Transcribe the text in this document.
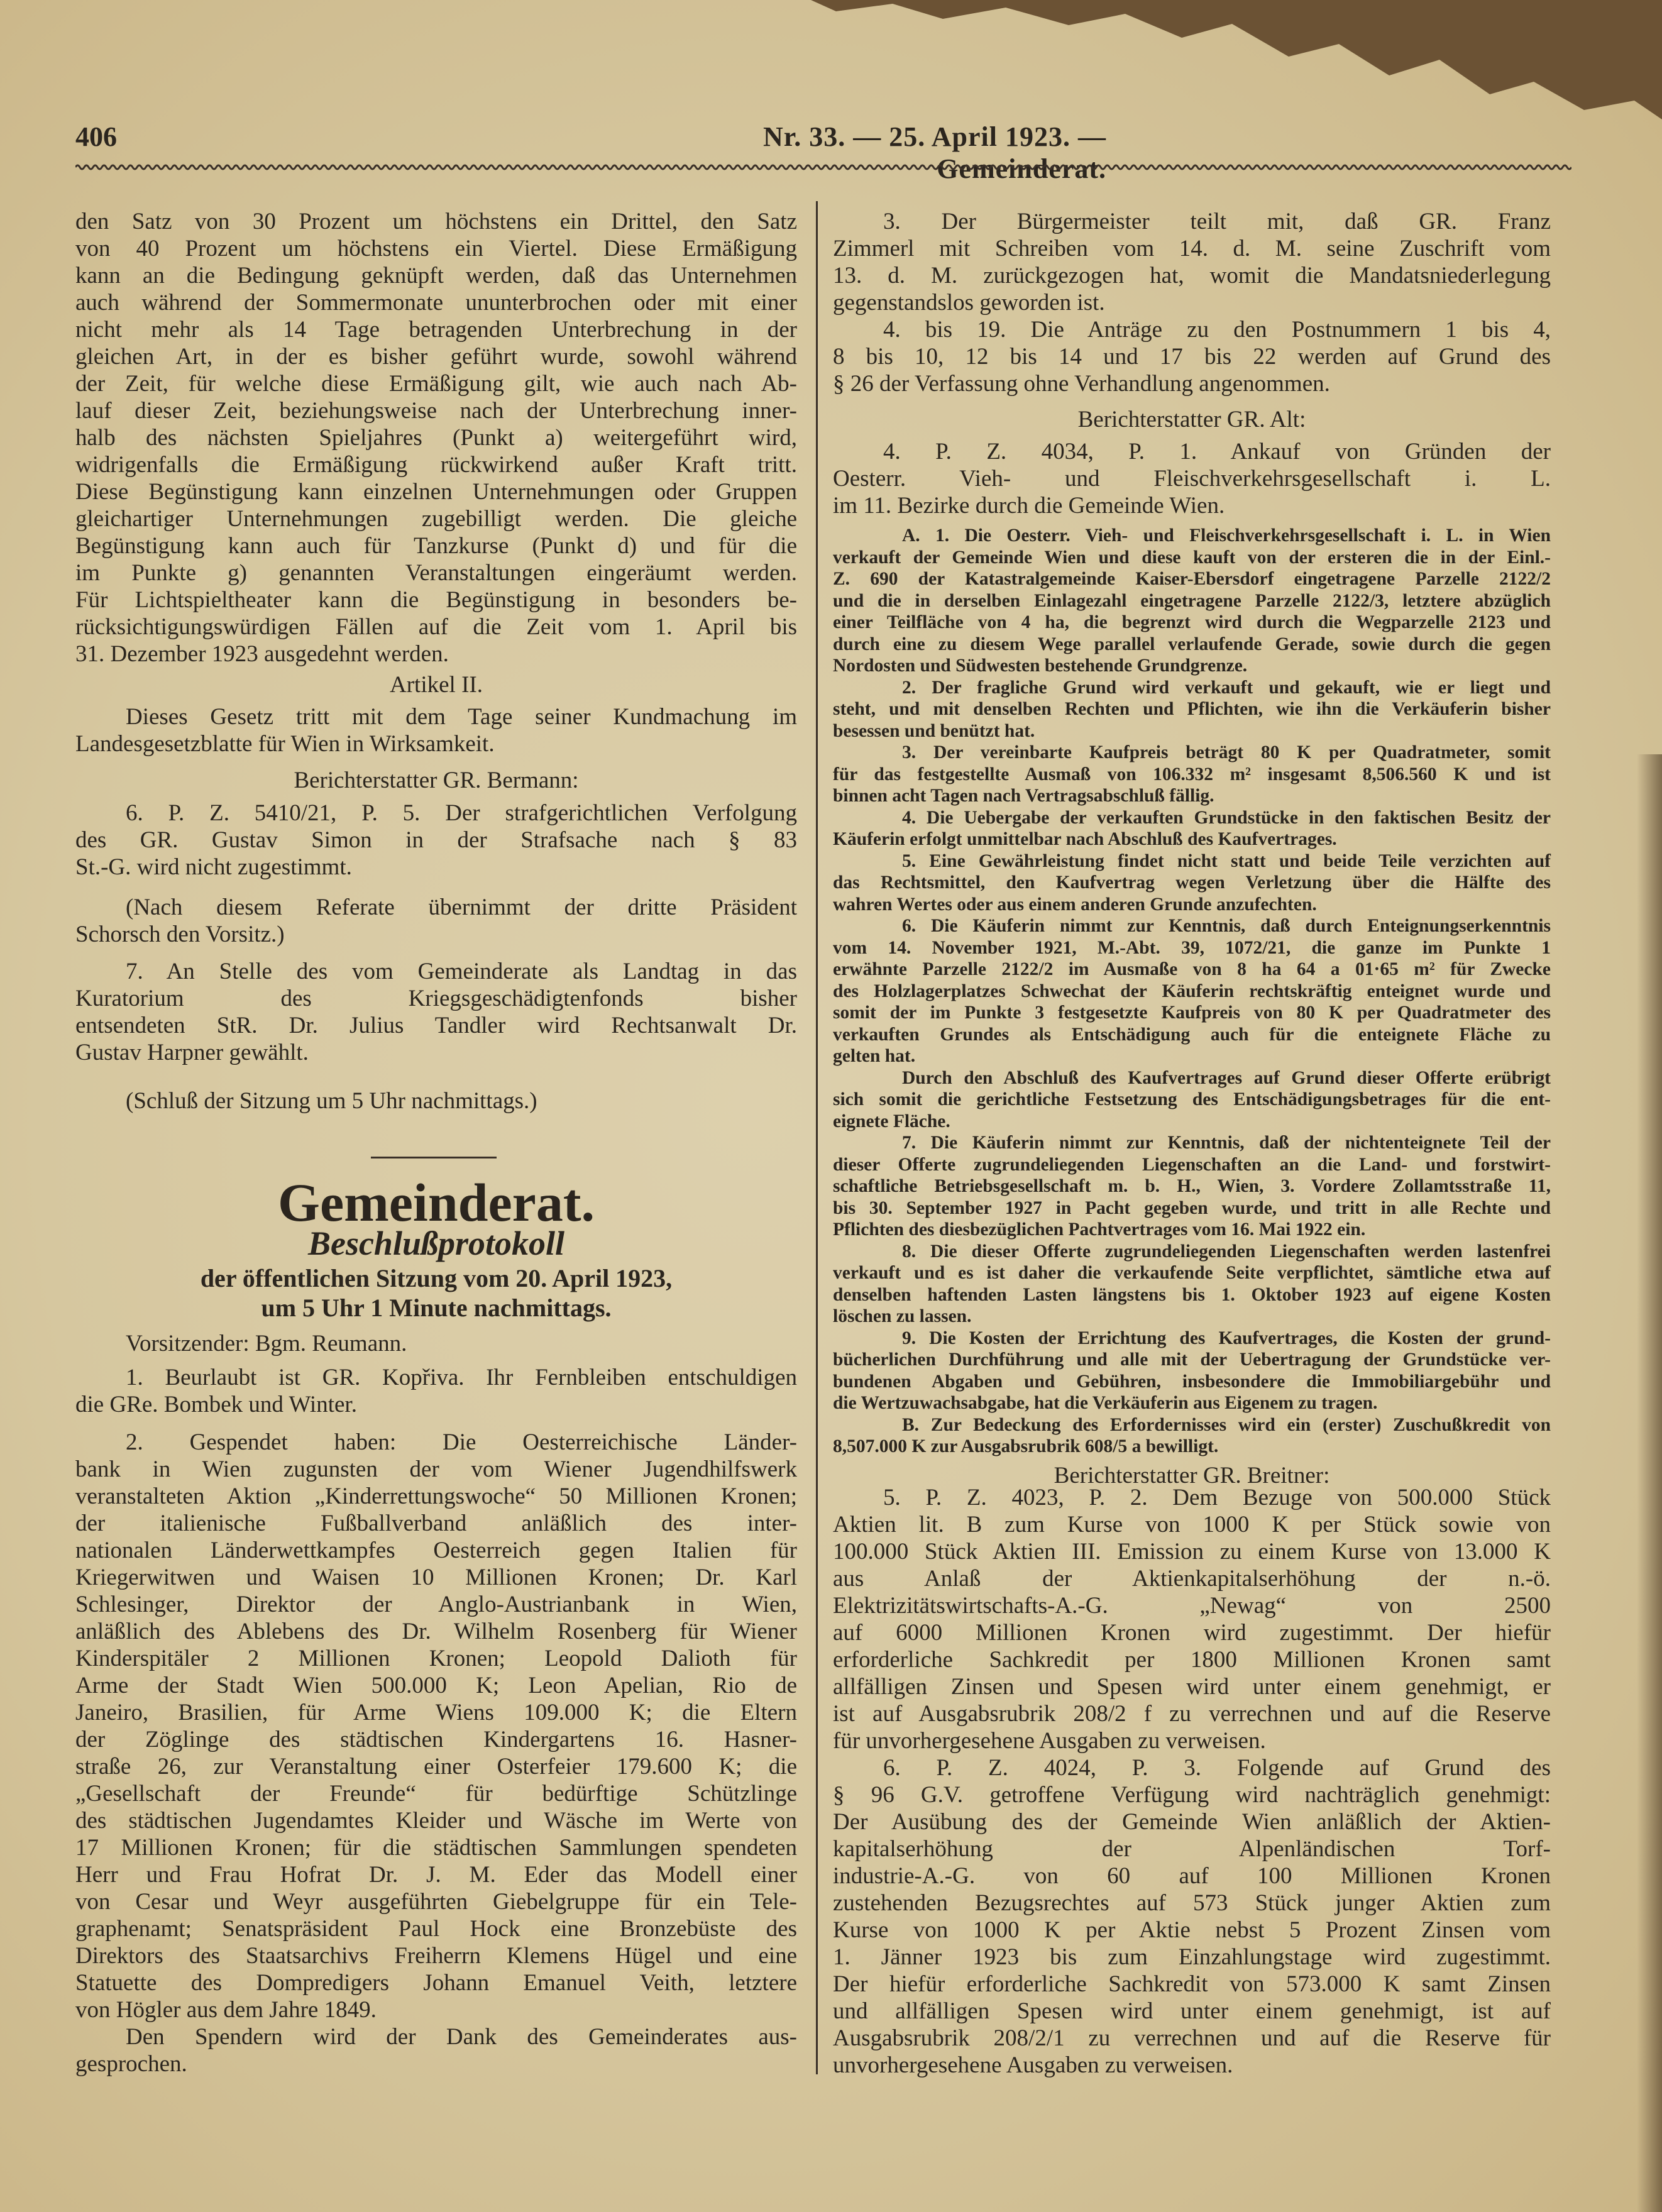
406	Nr. 33. — 25. April 1923. — Gemeinderat.
den Satz von 30 Prozent um höchstens ein Drittel, den Satz
von 40 Prozent um höchstens ein Viertel. Diese Ermäßigung
kann an die Bedingung geknüpft werden, daß das Unternehmen
auch während der Sommermonate ununterbrochen oder mit einer
nicht mehr als 14 Tage betragenden Unterbrechung in der
gleichen Art, in der es bisher geführt wurde, sowohl während
der Zeit, für welche diese Ermäßigung gilt, wie auch nach Ab-
lauf dieser Zeit, beziehungsweise nach der Unterbrechung inner-
halb des nächsten Spieljahres (Punkt a) weitergeführt wird,
widrigenfalls die Ermäßigung rückwirkend außer Kraft tritt.
Diese Begünstigung kann einzelnen Unternehmungen oder Gruppen
gleichartiger Unternehmungen zugebilligt werden. Die gleiche
Begünstigung kann auch für Tanzkurse (Punkt d) und für die
im Punkte g) genannten Veranstaltungen eingeräumt werden.
Für Lichtspieltheater kann die Begünstigung in besonders be-
rücksichtigungswürdigen Fällen auf die Zeit vom 1. April bis
31. Dezember 1923 ausgedehnt werden.
Artikel II.
Dieses Gesetz tritt mit dem Tage seiner Kundmachung im
Landesgesetzblatte für Wien in Wirksamkeit.
Berichterstatter GR. Bermann:
6. P. Z. 5410/21, P. 5. Der strafgerichtlichen Verfolgung
des GR. Gustav Simon in der Strafsache nach § 83
St.-G. wird nicht zugestimmt.
(Nach diesem Referate übernimmt der dritte Präsident
Schorsch den Vorsitz.)
7. An Stelle des vom Gemeinderate als Landtag in das
Kuratorium des Kriegsgeschädigtenfonds bisher
entsendeten StR. Dr. Julius Tandler wird Rechtsanwalt Dr.
Gustav Harpner gewählt.
(Schluß der Sitzung um 5 Uhr nachmittags.)
Gemeinderat.
Beschlußprotokoll
der öffentlichen Sitzung vom 20. April 1923,
um 5 Uhr 1 Minute nachmittags.
Vorsitzender: Bgm. Reumann.
1. Beurlaubt ist GR. Kopřiva. Ihr Fernbleiben entschuldigen
die GRe. Bombek und Winter.
2. Gespendet haben: Die Oesterreichische Länder-
bank in Wien zugunsten der vom Wiener Jugendhilfswerk
veranstalteten Aktion „Kinderrettungswoche“ 50 Millionen Kronen;
der italienische Fußballverband anläßlich des inter-
nationalen Länderwettkampfes Oesterreich gegen Italien für
Kriegerwitwen und Waisen 10 Millionen Kronen; Dr. Karl
Schlesinger, Direktor der Anglo-Austrianbank in Wien,
anläßlich des Ablebens des Dr. Wilhelm Rosenberg für Wiener
Kinderspitäler 2 Millionen Kronen; Leopold Dalioth für
Arme der Stadt Wien 500.000 K; Leon Apelian, Rio de
Janeiro, Brasilien, für Arme Wiens 109.000 K; die Eltern
der Zöglinge des städtischen Kindergartens 16. Hasner-
straße 26, zur Veranstaltung einer Osterfeier 179.600 K; die
„Gesellschaft der Freunde“ für bedürftige Schützlinge
des städtischen Jugendamtes Kleider und Wäsche im Werte von
17 Millionen Kronen; für die städtischen Sammlungen spendeten
Herr und Frau Hofrat Dr. J. M. Eder das Modell einer
von Cesar und Weyr ausgeführten Giebelgruppe für ein Tele-
graphenamt; Senatspräsident Paul Hock eine Bronzebüste des
Direktors des Staatsarchivs Freiherrn Klemens Hügel und eine
Statuette des Dompredigers Johann Emanuel Veith, letztere
von Högler aus dem Jahre 1849.
Den Spendern wird der Dank des Gemeinderates aus-
gesprochen.
3. Der Bürgermeister teilt mit, daß GR. Franz
Zimmerl mit Schreiben vom 14. d. M. seine Zuschrift vom
13. d. M. zurückgezogen hat, womit die Mandatsniederlegung
gegenstandslos geworden ist.
4. bis 19. Die Anträge zu den Postnummern 1 bis 4,
8 bis 10, 12 bis 14 und 17 bis 22 werden auf Grund des
§ 26 der Verfassung ohne Verhandlung angenommen.
Berichterstatter GR. Alt:
4. P. Z. 4034, P. 1. Ankauf von Gründen der
Oesterr. Vieh- und Fleischverkehrsgesellschaft i. L.
im 11. Bezirke durch die Gemeinde Wien.
A. 1. Die Oesterr. Vieh- und Fleischverkehrsgesellschaft i. L. in Wien
verkauft der Gemeinde Wien und diese kauft von der ersteren die in der Einl.-
Z. 690 der Katastralgemeinde Kaiser-Ebersdorf eingetragene Parzelle 2122/2
und die in derselben Einlagezahl eingetragene Parzelle 2122/3, letztere abzüglich
einer Teilfläche von 4 ha, die begrenzt wird durch die Wegparzelle 2123 und
durch eine zu diesem Wege parallel verlaufende Gerade, sowie durch die gegen
Nordosten und Südwesten bestehende Grundgrenze.
2. Der fragliche Grund wird verkauft und gekauft, wie er liegt und
steht, und mit denselben Rechten und Pflichten, wie ihn die Verkäuferin bisher
besessen und benützt hat.
3. Der vereinbarte Kaufpreis beträgt 80 K per Quadratmeter, somit
für das festgestellte Ausmaß von 106.332 m² insgesamt 8,506.560 K und ist
binnen acht Tagen nach Vertragsabschluß fällig.
4. Die Uebergabe der verkauften Grundstücke in den faktischen Besitz der
Käuferin erfolgt unmittelbar nach Abschluß des Kaufvertrages.
5. Eine Gewährleistung findet nicht statt und beide Teile verzichten auf
das Rechtsmittel, den Kaufvertrag wegen Verletzung über die Hälfte des
wahren Wertes oder aus einem anderen Grunde anzufechten.
6. Die Käuferin nimmt zur Kenntnis, daß durch Enteignungserkenntnis
vom 14. November 1921, M.-Abt. 39, 1072/21, die ganze im Punkte 1
erwähnte Parzelle 2122/2 im Ausmaße von 8 ha 64 a 01·65 m² für Zwecke
des Holzlagerplatzes Schwechat der Käuferin rechtskräftig enteignet wurde und
somit der im Punkte 3 festgesetzte Kaufpreis von 80 K per Quadratmeter des
verkauften Grundes als Entschädigung auch für die enteignete Fläche zu
gelten hat.
Durch den Abschluß des Kaufvertrages auf Grund dieser Offerte erübrigt
sich somit die gerichtliche Festsetzung des Entschädigungsbetrages für die ent-
eignete Fläche.
7. Die Käuferin nimmt zur Kenntnis, daß der nichtenteignete Teil der
dieser Offerte zugrundeliegenden Liegenschaften an die Land- und forstwirt-
schaftliche Betriebsgesellschaft m. b. H., Wien, 3. Vordere Zollamtsstraße 11,
bis 30. September 1927 in Pacht gegeben wurde, und tritt in alle Rechte und
Pflichten des diesbezüglichen Pachtvertrages vom 16. Mai 1922 ein.
8. Die dieser Offerte zugrundeliegenden Liegenschaften werden lastenfrei
verkauft und es ist daher die verkaufende Seite verpflichtet, sämtliche etwa auf
denselben haftenden Lasten längstens bis 1. Oktober 1923 auf eigene Kosten
löschen zu lassen.
9. Die Kosten der Errichtung des Kaufvertrages, die Kosten der grund-
bücherlichen Durchführung und alle mit der Uebertragung der Grundstücke ver-
bundenen Abgaben und Gebühren, insbesondere die Immobiliargebühr und
die Wertzuwachsabgabe, hat die Verkäuferin aus Eigenem zu tragen.
B. Zur Bedeckung des Erfordernisses wird ein (erster) Zuschußkredit von
8,507.000 K zur Ausgabsrubrik 608/5 a bewilligt.
Berichterstatter GR. Breitner:
5. P. Z. 4023, P. 2. Dem Bezuge von 500.000 Stück
Aktien lit. B zum Kurse von 1000 K per Stück sowie von
100.000 Stück Aktien III. Emission zu einem Kurse von 13.000 K
aus Anlaß der Aktienkapitalserhöhung der n.-ö.
Elektrizitätswirtschafts-A.-G. „Newag“ von 2500
auf 6000 Millionen Kronen wird zugestimmt. Der hiefür
erforderliche Sachkredit per 1800 Millionen Kronen samt
allfälligen Zinsen und Spesen wird unter einem genehmigt, er
ist auf Ausgabsrubrik 208/2 f zu verrechnen und auf die Reserve
für unvorhergesehene Ausgaben zu verweisen.
6. P. Z. 4024, P. 3. Folgende auf Grund des
§ 96 G.V. getroffene Verfügung wird nachträglich genehmigt:
Der Ausübung des der Gemeinde Wien anläßlich der Aktien-
kapitalserhöhung der Alpenländischen Torf-
industrie-A.-G. von 60 auf 100 Millionen Kronen
zustehenden Bezugsrechtes auf 573 Stück junger Aktien zum
Kurse von 1000 K per Aktie nebst 5 Prozent Zinsen vom
1. Jänner 1923 bis zum Einzahlungstage wird zugestimmt.
Der hiefür erforderliche Sachkredit von 573.000 K samt Zinsen
und allfälligen Spesen wird unter einem genehmigt, ist auf
Ausgabsrubrik 208/2/1 zu verrechnen und auf die Reserve für
unvorhergesehene Ausgaben zu verweisen.
